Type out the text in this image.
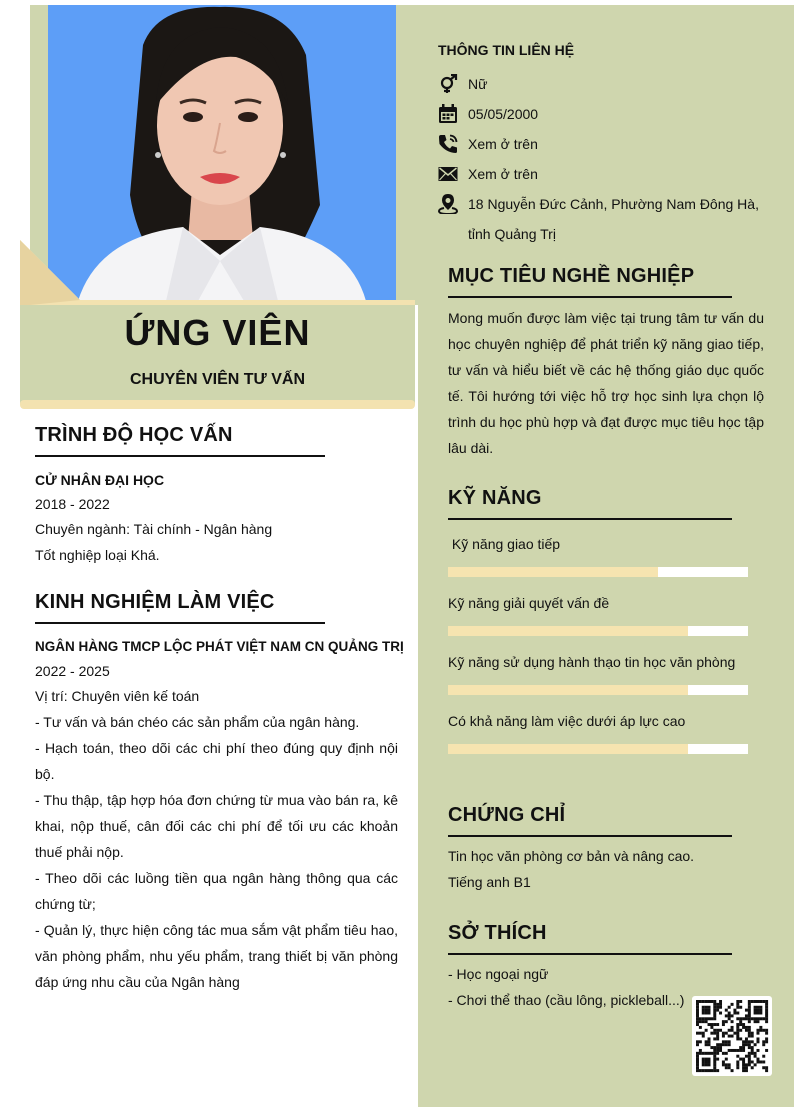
ỨNG VIÊN
CHUYÊN VIÊN TƯ VẤN
TRÌNH ĐỘ HỌC VẤN
CỬ NHÂN ĐẠI HỌC
2018 - 2022
Chuyên ngành: Tài chính - Ngân hàng
Tốt nghiệp loại Khá.
KINH NGHIỆM LÀM VIỆC
NGÂN HÀNG TMCP LỘC PHÁT VIỆT NAM CN QUẢNG TRỊ
2022 - 2025
Vị trí: Chuyên viên kế toán
- Tư vấn và bán chéo các sản phẩm của ngân hàng.
- Hạch toán, theo dõi các chi phí theo đúng quy định nội bộ.
- Thu thập, tập hợp hóa đơn chứng từ mua vào bán ra, kê khai, nộp thuế, cân đối các chi phí để tối ưu các khoản thuế phải nộp.
- Theo dõi các luồng tiền qua ngân hàng thông qua các chứng từ;
- Quản lý, thực hiện công tác mua sắm vật phẩm tiêu hao, văn phòng phẩm, nhu yếu phẩm, trang thiết bị văn phòng đáp ứng nhu cầu của Ngân hàng
THÔNG TIN LIÊN HỆ
Nữ
05/05/2000
Xem ở trên
Xem ở trên
18 Nguyễn Đức Cảnh, Phường Nam Đông Hà,
tỉnh Quảng Trị
MỤC TIÊU NGHỀ NGHIỆP
Mong muốn được làm việc tại trung tâm tư vấn du học chuyên nghiệp để phát triển kỹ năng giao tiếp, tư vấn và hiểu biết về các hệ thống giáo dục quốc tế. Tôi hướng tới việc hỗ trợ học sinh lựa chọn lộ trình du học phù hợp và đạt được mục tiêu học tập lâu dài.
KỸ NĂNG
Kỹ năng giao tiếp
Kỹ năng giải quyết vấn đề
Kỹ năng sử dụng hành thạo tin học văn phòng
Có khả năng làm việc dưới áp lực cao
CHỨNG CHỈ
Tin học văn phòng cơ bản và nâng cao.
Tiếng anh B1
SỞ THÍCH
- Học ngoại ngữ
- Chơi thể thao (cầu lông, pickleball...)
